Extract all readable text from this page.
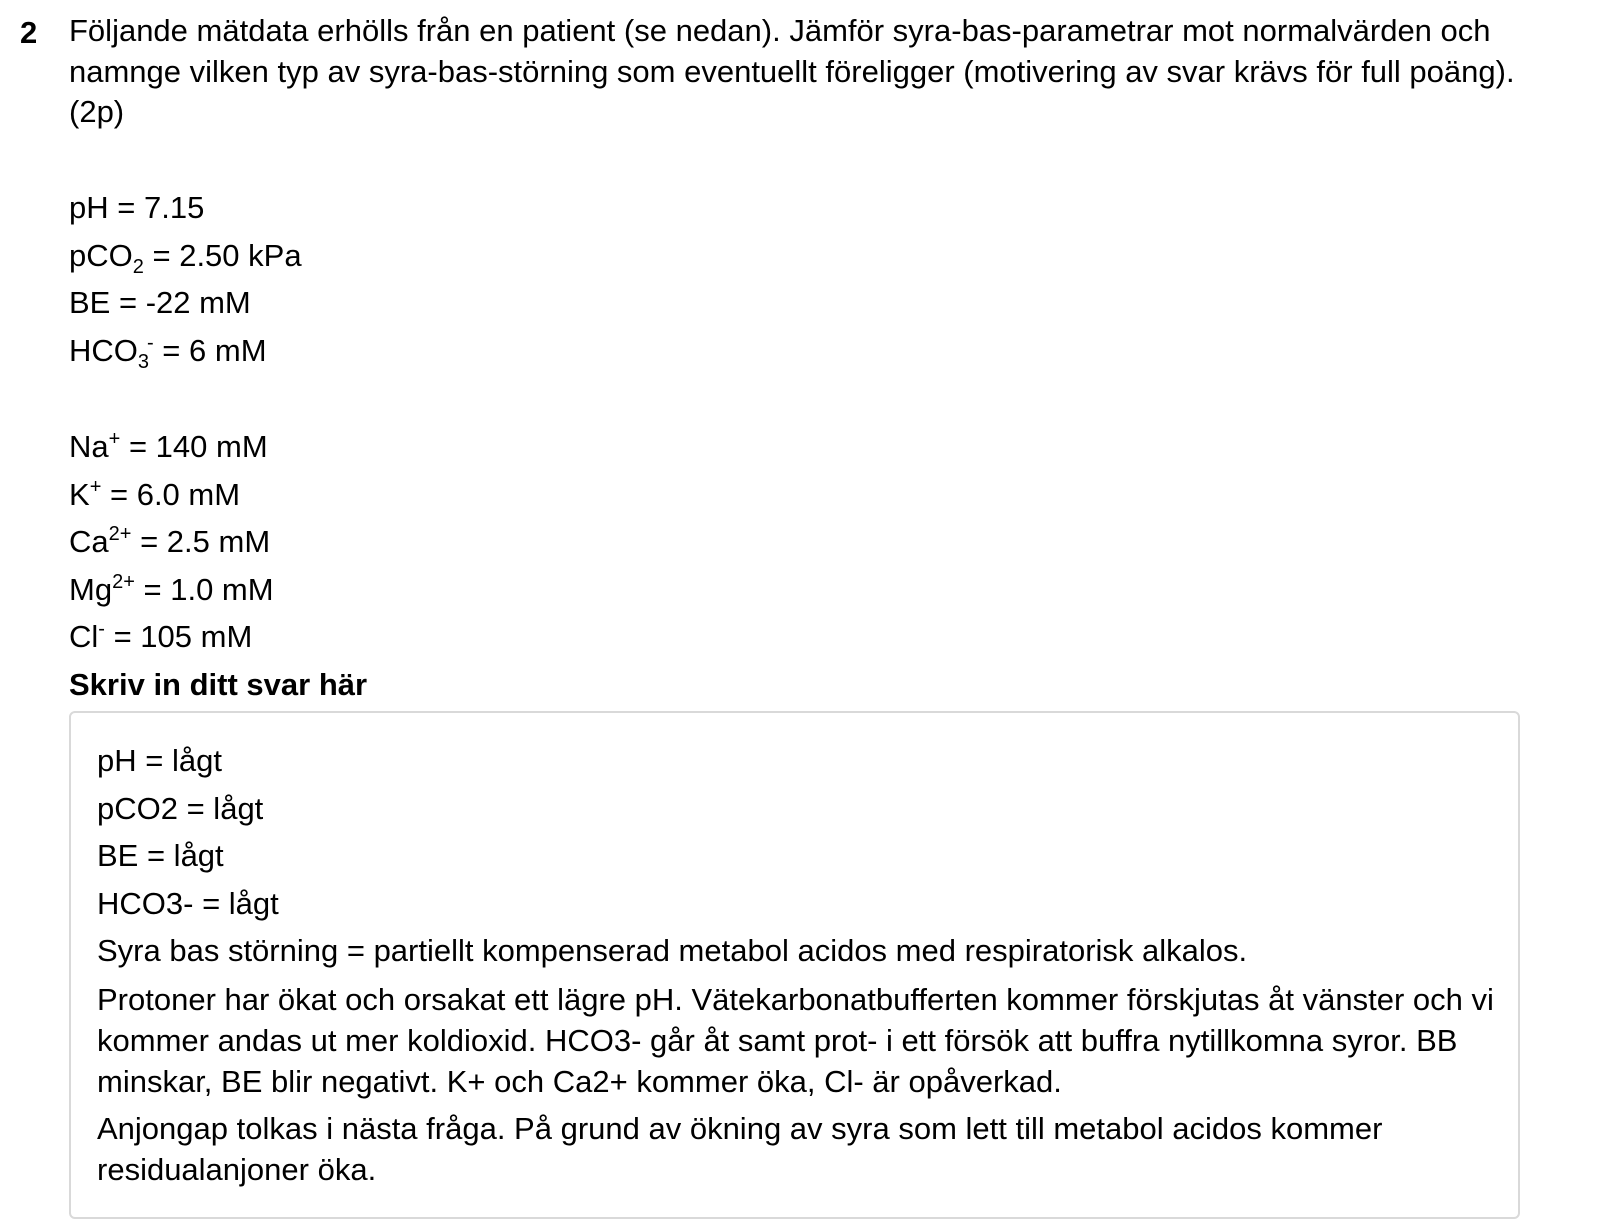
2 Följande mätdata erhölls från en patient (se nedan). Jämför syra-bas-parametrar mot normalvärden och namnge vilken typ av syra-bas-störning som eventuellt föreligger (motivering av svar krävs för full poäng). (2p)

pH = 7.15
pCO$_2$ = 2.50 kPa
BE = -22 mM
$HCO_3^- = 6$ mM
Na+ = 140 mM
K+ = 6.0 mM
$Ca^{2+} = 2.5$ mM
$Mg^{2+} = 1.0$ mM
Cl- = 105 mM
Skriv in ditt svar här
pH = lågt
pCO2 = lågt
BE = lågt
HCO3- = lågt
Syra bas störning = partiellt kompenserad metabol acidos med respiratorisk alkalos.
Protoner har ökat och orsakat ett lägre pH. Vätekarbonatbufferten kommer förskjutas åt vänster och vi kommer andas ut mer koldioxid. HCO3- går åt samt prot- i ett försök att buffra nytillkomna syror. BB minskar, BE blir negativt. K+ och Ca2+ kommer öka, Cl- är opåverkad.
Anjongap tolkas i nästa fråga. På grund av ökning av syra som lett till metabol acidos kommer residualanjoner öka.
